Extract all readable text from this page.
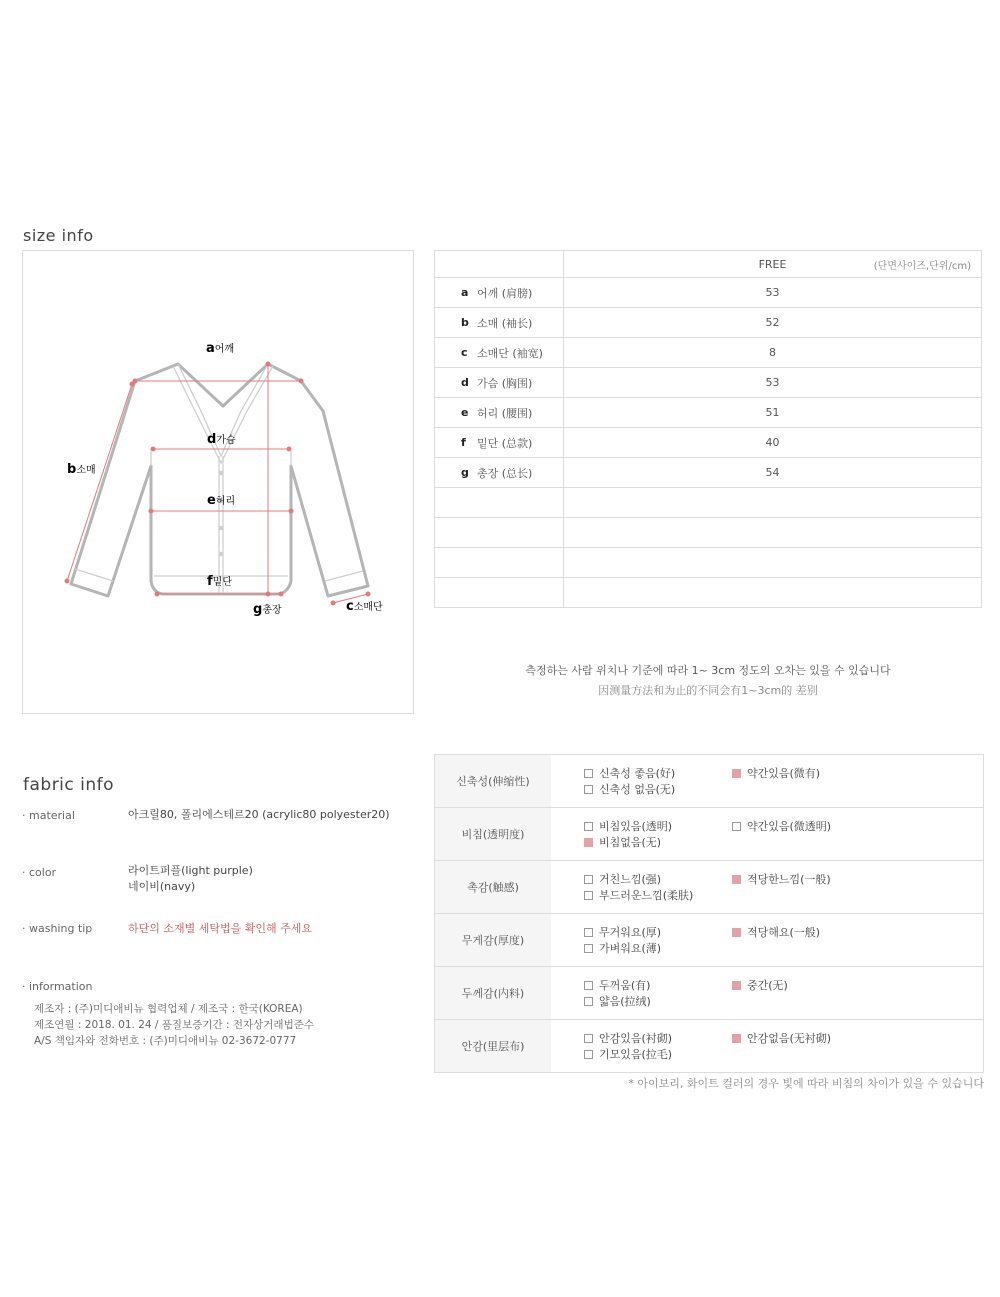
size info
a어깨
b소매
c소매단
d가슴
e허리
f밑단
g총장
	FREE (단면사이즈,단위/cm)

a 어깨 (肩膀)	53

b 소매 (袖长)	52

c 소매단 (袖宽)	8

d 가슴 (胸围)	53

e 허리 (腰围)	51

f 밑단 (总款)	40

g 총장 (总长)	54

측정하는 사람 위치나 기준에 따라 1~ 3cm 정도의 오차는 있을 수 있습니다
因测量方法和为止的不同会有1~3cm的 差别
fabric info
· material	아크릴80, 폴리에스테르20 (acrylic80 polyester20)
· color	라이트퍼플(light purple)
네이비(navy)
· washing tip	하단의 소재별 세탁법을 확인해 주세요
· information
제조자 : (주)미디애비뉴 협력업체 / 제조국 : 한국(KOREA)
제조연월 : 2018. 01. 24 / 품질보증기간 : 전자상거래법준수
A/S 책임자와 전화번호 : (주)미디애비뉴 02-3672-0777
신축성(伸缩性)	신축성 좋음(好) 약간있음(微有)
신축성 없음(无)

비침(透明度)	비침있음(透明) 약간있음(微透明)
비침없음(无)

촉감(触感)	거친느낌(强) 적당한느낌(一般)
부드러운느낌(柔肤)

무게감(厚度)	무거워요(厚) 적당해요(一般)
가벼워요(薄)

두께감(内料)	두꺼움(有) 중간(无)
얇음(拉绒)

안감(里层布)	안감있음(衬砌) 안감없음(无衬砌)
기모있음(拉毛)
* 아이보리, 화이트 컬러의 경우 빛에 따라 비침의 차이가 있을 수 있습니다
